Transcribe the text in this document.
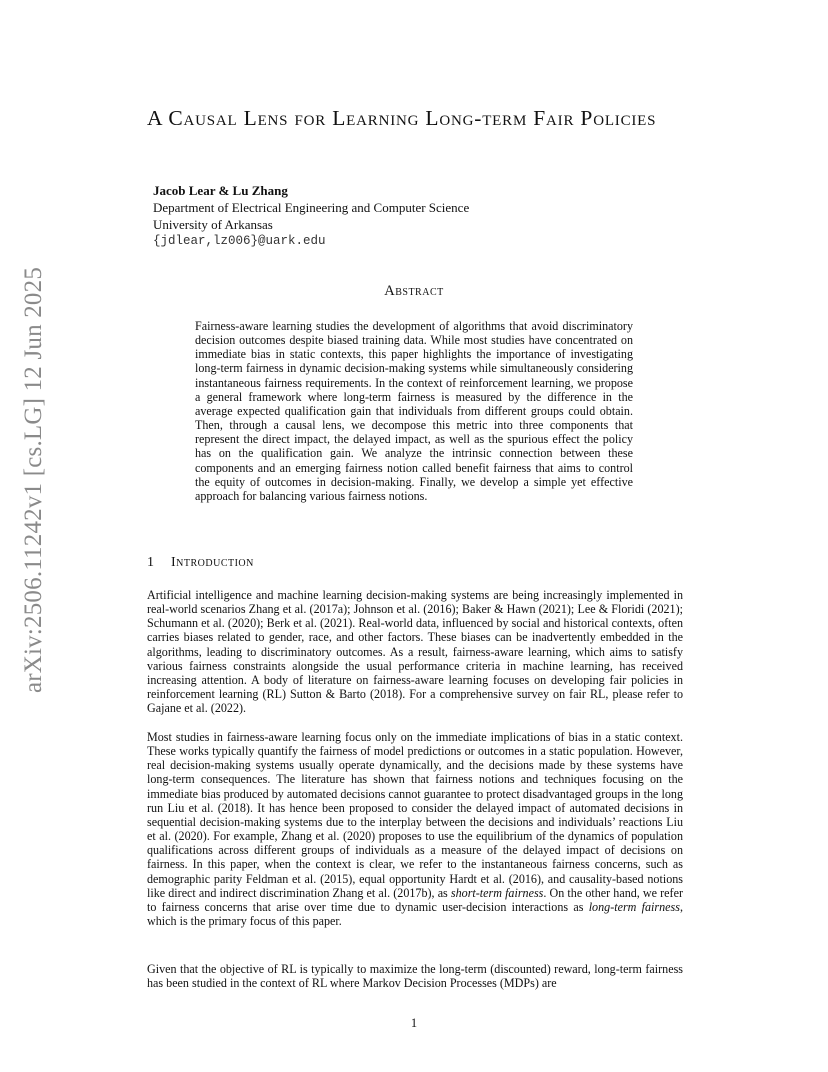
arXiv:2506.11242v1 [cs.LG] 12 Jun 2025
A Causal Lens for Learning Long-term Fair Policies
Jacob Lear & Lu Zhang
Department of Electrical Engineering and Computer Science
University of Arkansas
{jdlear,lz006}@uark.edu
Abstract

Fairness-aware learning studies the development of algorithms that avoid discriminatory decision outcomes despite biased training data. While most studies have concentrated on immediate bias in static contexts, this paper highlights the importance of investigating long-term fairness in dynamic decision-making systems while simultaneously considering instantaneous fairness requirements. In the context of reinforcement learning, we propose a general framework where long-term fairness is measured by the difference in the average expected qualification gain that individuals from different groups could obtain. Then, through a causal lens, we decompose this metric into three components that represent the direct impact, the delayed impact, as well as the spurious effect the policy has on the qualification gain. We analyze the intrinsic connection between these components and an emerging fairness notion called benefit fairness that aims to control the equity of outcomes in decision-making. Finally, we develop a simple yet effective approach for balancing various fairness notions.

1 Introduction

Artificial intelligence and machine learning decision-making systems are being increasingly implemented in real-world scenarios Zhang et al. (2017a); Johnson et al. (2016); Baker & Hawn (2021); Lee & Floridi (2021); Schumann et al. (2020); Berk et al. (2021). Real-world data, influenced by social and historical contexts, often carries biases related to gender, race, and other factors. These biases can be inadvertently embedded in the algorithms, leading to discriminatory outcomes. As a result, fairness-aware learning, which aims to satisfy various fairness constraints alongside the usual performance criteria in machine learning, has received increasing attention. A body of literature on fairness-aware learning focuses on developing fair policies in reinforcement learning (RL) Sutton & Barto (2018). For a comprehensive survey on fair RL, please refer to Gajane et al. (2022).

Most studies in fairness-aware learning focus only on the immediate implications of bias in a static context. These works typically quantify the fairness of model predictions or outcomes in a static population. However, real decision-making systems usually operate dynamically, and the decisions made by these systems have long-term consequences. The literature has shown that fairness notions and techniques focusing on the immediate bias produced by automated decisions cannot guarantee to protect disadvantaged groups in the long run Liu et al. (2018). It has hence been proposed to consider the delayed impact of automated decisions in sequential decision-making systems due to the interplay between the decisions and individuals’ reactions Liu et al. (2020). For example, Zhang et al. (2020) proposes to use the equilibrium of the dynamics of population qualifications across different groups of individuals as a measure of the delayed impact of decisions on fairness. In this paper, when the context is clear, we refer to the instantaneous fairness concerns, such as demographic parity Feldman et al. (2015), equal opportunity Hardt et al. (2016), and causality-based notions like direct and indirect discrimination Zhang et al. (2017b), as short-term fairness. On the other hand, we refer to fairness concerns that arise over time due to dynamic user-decision interactions as long-term fairness, which is the primary focus of this paper.

Given that the objective of RL is typically to maximize the long-term (discounted) reward, long-term fairness has been studied in the context of RL where Markov Decision Processes (MDPs) are

1
